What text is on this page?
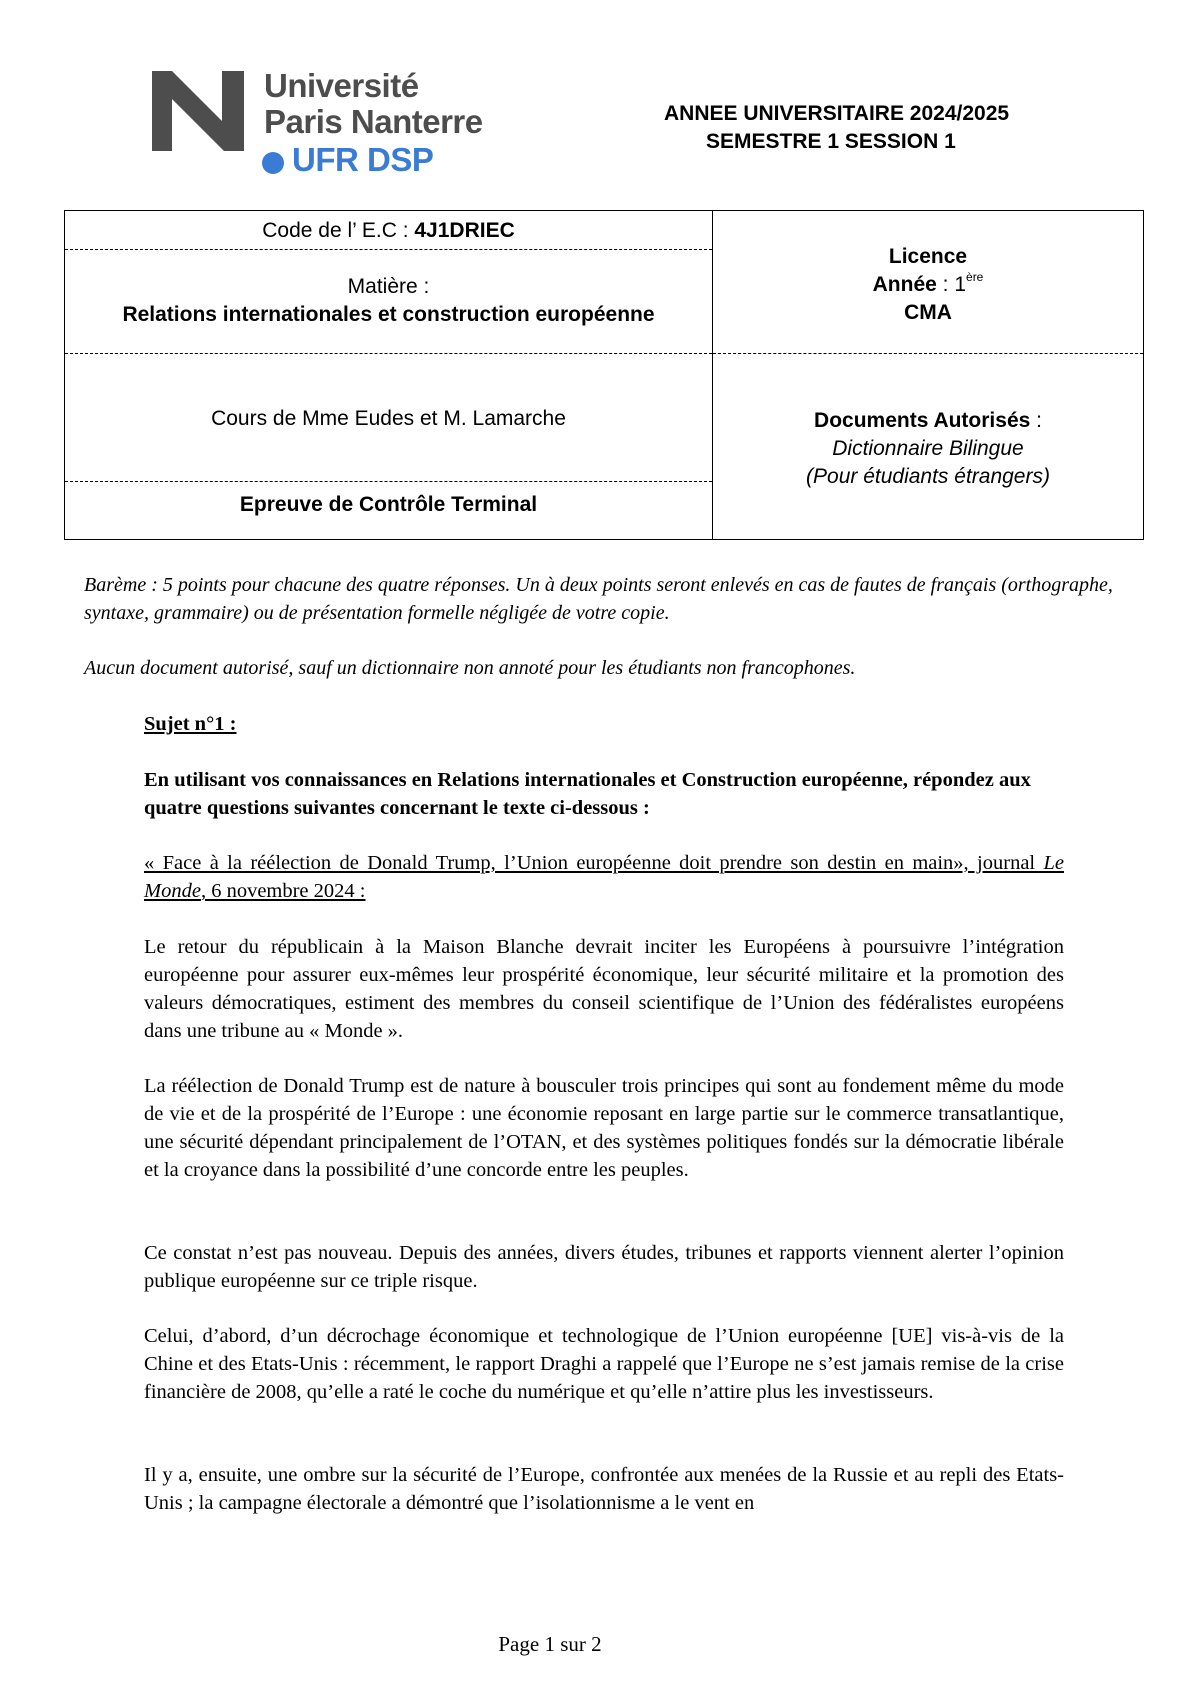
Université
Paris Nanterre
UFR DSP
ANNEE UNIVERSITAIRE 2024/2025
SEMESTRE 1 SESSION 1
Code de l’ E.C : 4J1DRIEC
Matière :
Relations internationales et construction européenne
Cours de Mme Eudes et M. Lamarche
Epreuve de Contrôle Terminal
Licence
Année : 1ère
CMA
Documents Autorisés :
Dictionnaire Bilingue
(Pour étudiants étrangers)
Barème : 5 points pour chacune des quatre réponses. Un à deux points seront enlevés en cas de fautes de français (orthographe, syntaxe, grammaire) ou de présentation formelle négligée de votre copie.
Aucun document autorisé, sauf un dictionnaire non annoté pour les étudiants non francophones.
Sujet n°1 :
En utilisant vos connaissances en Relations internationales et Construction européenne, répondez aux quatre questions suivantes concernant le texte ci-dessous :
« Face à la réélection de Donald Trump, l’Union européenne doit prendre son destin en main», journal Le Monde, 6 novembre 2024 :
Le retour du républicain à la Maison Blanche devrait inciter les Européens à poursuivre l’intégration européenne pour assurer eux-mêmes leur prospérité économique, leur sécurité militaire et la promotion des valeurs démocratiques, estiment des membres du conseil scientifique de l’Union des fédéralistes européens dans une tribune au « Monde ».
La réélection de Donald Trump est de nature à bousculer trois principes qui sont au fondement même du mode de vie et de la prospérité de l’Europe : une économie reposant en large partie sur le commerce transatlantique, une sécurité dépendant principalement de l’OTAN, et des systèmes politiques fondés sur la démocratie libérale et la croyance dans la possibilité d’une concorde entre les peuples.
Ce constat n’est pas nouveau. Depuis des années, divers études, tribunes et rapports viennent alerter l’opinion publique européenne sur ce triple risque.
Celui, d’abord, d’un décrochage économique et technologique de l’Union européenne [UE] vis-à-vis de la Chine et des Etats-Unis : récemment, le rapport Draghi a rappelé que l’Europe ne s’est jamais remise de la crise financière de 2008, qu’elle a raté le coche du numérique et qu’elle n’attire plus les investisseurs.
Il y a, ensuite, une ombre sur la sécurité de l’Europe, confrontée aux menées de la Russie et au repli des Etats-Unis ; la campagne électorale a démontré que l’isolationnisme a le vent en
Page 1 sur 2
